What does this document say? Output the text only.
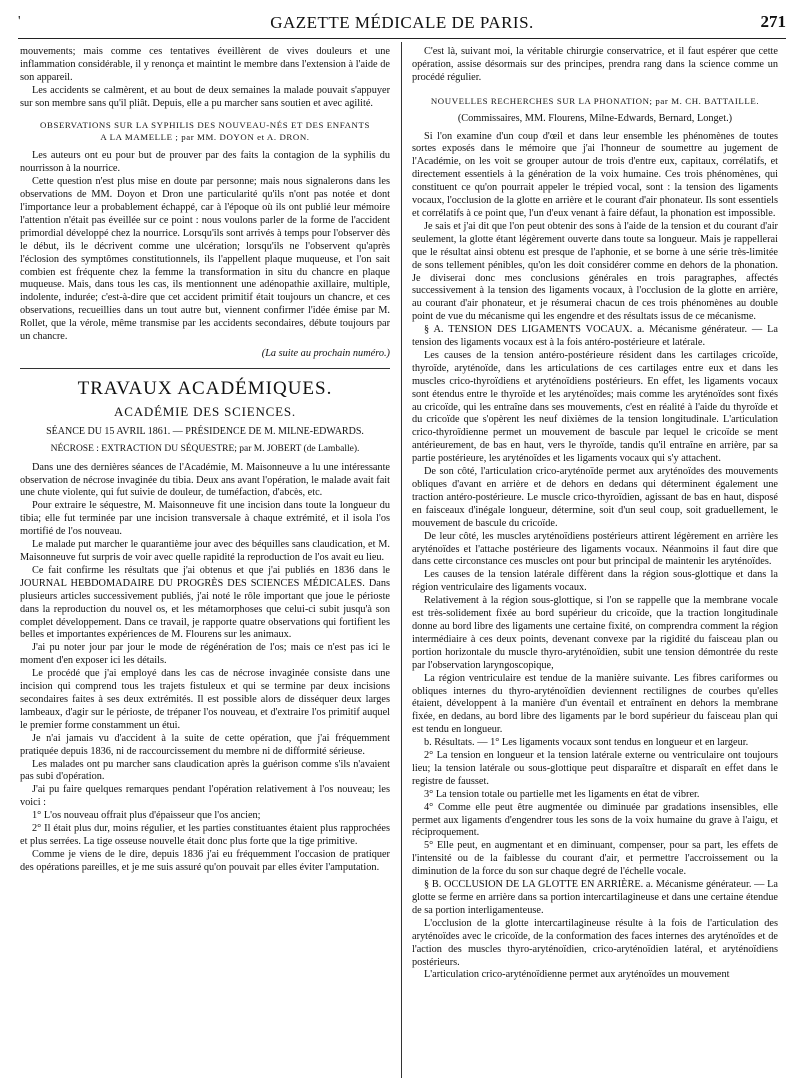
'	GAZETTE MÉDICALE DE PARIS.	271

mouvements; mais comme ces tentatives éveillèrent de vives douleurs et une inflammation considérable, il y renonça et maintint le membre dans l'extension à l'aide de son appareil.

Les accidents se calmèrent, et au bout de deux semaines la malade pouvait s'appuyer sur son membre sans qu'il pliât. Depuis, elle a pu marcher sans soutien et avec agilité.

OBSERVATIONS SUR LA SYPHILIS DES NOUVEAU-NÉS ET DES ENFANTS

A LA MAMELLE ; par MM. DOYON et A. DRON.

Les auteurs ont eu pour but de prouver par des faits la contagion de la syphilis du nourrisson à la nourrice.

Cette question n'est plus mise en doute par personne; mais nous signalerons dans les observations de MM. Doyon et Dron une particularité qu'ils n'ont pas notée et dont l'importance leur a probablement échappé, car à l'époque où ils ont publié leur mémoire l'attention n'était pas éveillée sur ce point : nous voulons parler de la forme de l'accident primordial développé chez la nourrice. Lorsqu'ils sont arrivés à temps pour l'observer dès le début, ils le décrivent comme une ulcération; lorsqu'ils ne l'observent qu'après l'éclosion des symptômes constitutionnels, ils l'appellent plaque muqueuse, et l'on sait combien est fréquente chez la femme la transformation in situ du chancre en plaque muqueuse. Mais, dans tous les cas, ils mentionnent une adénopathie axillaire, multiple, indolente, indurée; c'est-à-dire que cet accident primitif était toujours un chancre, et ces observations, recueillies dans un tout autre but, viennent confirmer l'idée émise par M. Rollet, que la vérole, même transmise par les accidents secondaires, débute toujours par un chancre.

(La suite au prochain numéro.)

TRAVAUX ACADÉMIQUES.

ACADÉMIE DES SCIENCES.

SÉANCE DU 15 AVRIL 1861. — PRÉSIDENCE DE M. MILNE-EDWARDS.

NÉCROSE : EXTRACTION DU SÉQUESTRE; par M. JOBERT (de Lamballe).

Dans une des dernières séances de l'Académie, M. Maisonneuve a lu une intéressante observation de nécrose invaginée du tibia. Deux ans avant l'opération, le malade avait fait une chute violente, qui fut suivie de douleur, de tuméfaction, d'abcès, etc.

Pour extraire le séquestre, M. Maisonneuve fit une incision dans toute la longueur du tibia; elle fut terminée par une incision transversale à chaque extrémité, et il isola l'os mortifié de l'os nouveau.

Le malade put marcher le quarantième jour avec des béquilles sans claudication, et M. Maisonneuve fut surpris de voir avec quelle rapidité la reproduction de l'os avait eu lieu.

Ce fait confirme les résultats que j'ai obtenus et que j'ai publiés en 1836 dans le JOURNAL HEBDOMADAIRE DU PROGRÈS DES SCIENCES MÉDICALES. Dans plusieurs articles successivement publiés, j'ai noté le rôle important que joue le périoste dans la reproduction du nouvel os, et les métamorphoses que celui-ci subit jusqu'à son complet développement. Dans ce travail, je rapporte quatre observations qui fortifient les belles et importantes expériences de M. Flourens sur les animaux.

J'ai pu noter jour par jour le mode de régénération de l'os; mais ce n'est pas ici le moment d'en exposer ici les détails.

Le procédé que j'ai employé dans les cas de nécrose invaginée consiste dans une incision qui comprend tous les trajets fistuleux et qui se termine par deux incisions secondaires faites à ses deux extrémités. Il est possible alors de disséquer deux larges lambeaux, d'agir sur le périoste, de trépaner l'os nouveau, et d'extraire l'os primitif auquel le premier forme constamment un étui.

Je n'ai jamais vu d'accident à la suite de cette opération, que j'ai fréquemment pratiquée depuis 1836, ni de raccourcissement du membre ni de difformité sérieuse.

Les malades ont pu marcher sans claudication après la guérison comme s'ils n'avaient pas subi d'opération.

J'ai pu faire quelques remarques pendant l'opération relativement à l'os nouveau; les voici :

1° L'os nouveau offrait plus d'épaisseur que l'os ancien;

2° Il était plus dur, moins régulier, et les parties constituantes étaient plus rapprochées et plus serrées. La tige osseuse nouvelle était donc plus forte que la tige primitive.

Comme je viens de le dire, depuis 1836 j'ai eu fréquemment l'occasion de pratiquer des opérations pareilles, et je me suis assuré qu'on pouvait par elles éviter l'amputation.

C'est là, suivant moi, la véritable chirurgie conservatrice, et il faut espérer que cette opération, assise désormais sur des principes, prendra rang dans la science comme un procédé régulier.

NOUVELLES RECHERCHES SUR LA PHONATION; par M. CH. BATTAILLE.

(Commissaires, MM. Flourens, Milne-Edwards, Bernard, Longet.)

Si l'on examine d'un coup d'œil et dans leur ensemble les phénomènes de toutes sortes exposés dans le mémoire que j'ai l'honneur de soumettre au jugement de l'Académie, on les voit se grouper autour de trois d'entre eux, capitaux, corrélatifs, et directement essentiels à la génération de la voix humaine. Ces trois phénomènes, qui constituent ce qu'on pourrait appeler le trépied vocal, sont : la tension des ligaments vocaux, l'occlusion de la glotte en arrière et le courant d'air phonateur. Ils sont essentiels et corrélatifs à ce point que, l'un d'eux venant à faire défaut, la phonation est impossible.

Je sais et j'ai dit que l'on peut obtenir des sons à l'aide de la tension et du courant d'air seulement, la glotte étant légèrement ouverte dans toute sa longueur. Mais je rappellerai que le résultat ainsi obtenu est presque de l'aphonie, et se borne à une série très-limitée de sons tellement pénibles, qu'on les doit considérer comme en dehors de la phonation. Je diviserai donc mes conclusions générales en trois paragraphes, affectés successivement à la tension des ligaments vocaux, à l'occlusion de la glotte en arrière, au courant d'air phonateur, et je résumerai chacun de ces trois phénomènes au double point de vue du mécanisme qui les engendre et des résultats issus de ce mécanisme.

§ A. TENSION DES LIGAMENTS VOCAUX. a. Mécanisme générateur. — La tension des ligaments vocaux est à la fois antéro-postérieure et latérale.

Les causes de la tension antéro-postérieure résident dans les cartilages cricoïde, thyroïde, aryténoïde, dans les articulations de ces cartilages entre eux et dans les muscles crico-thyroïdiens et aryténoïdiens postérieurs. En effet, les ligaments vocaux sont étendus entre le thyroïde et les aryténoïdes; mais comme les aryténoïdes sont fixés au cricoïde, qui les entraîne dans ses mouvements, c'est en réalité à l'aide du thyroïde et du cricoïde que s'opèrent les neuf dixièmes de la tension longitudinale. L'articulation crico-thyroïdienne permet un mouvement de bascule par lequel le cricoïde se ment antérieurement, de bas en haut, vers le thyroïde, tandis qu'il entraîne en arrière, par sa partie postérieure, les aryténoïdes et les ligaments vocaux qui s'y attachent.

De son côté, l'articulation crico-aryténoïde permet aux aryténoïdes des mouvements obliques d'avant en arrière et de dehors en dedans qui déterminent également une traction antéro-postérieure. Le muscle crico-thyroïdien, agissant de bas en haut, disposé en faisceaux d'inégale longueur, détermine, soit d'un seul coup, soit graduellement, le mouvement de bascule du cricoïde.

De leur côté, les muscles aryténoïdiens postérieurs attirent légèrement en arrière les aryténoïdes et l'attache postérieure des ligaments vocaux. Néanmoins il faut dire que dans cette circonstance ces muscles ont pour but principal de maintenir les aryténoïdes.

Les causes de la tension latérale diffèrent dans la région sous-glottique et dans la région ventriculaire des ligaments vocaux.

Relativement à la région sous-glottique, si l'on se rappelle que la membrane vocale est très-solidement fixée au bord supérieur du cricoïde, que la traction longitudinale donne au bord libre des ligaments une certaine fixité, on comprendra comment la région intermédiaire à ces deux points, devenant convexe par la rigidité du faisceau plan ou portion horizontale du muscle thyro-aryténoïdien, subit une tension démontrée du reste par l'observation laryngoscopique,

La région ventriculaire est tendue de la manière suivante. Les fibres cariformes ou obliques internes du thyro-aryténoïdien deviennent rectilignes de courbes qu'elles étaient, développent à la manière d'un éventail et entraînent en dehors la membrane fixée, en dedans, au bord libre des ligaments par le bord supérieur du faisceau plan qui est tendu en longueur.

b. Résultats. — 1° Les ligaments vocaux sont tendus en longueur et en largeur.

2° La tension en longueur et la tension latérale externe ou ventriculaire ont toujours lieu; la tension latérale ou sous-glottique peut disparaître et disparaît en effet dans le registre de fausset.

3° La tension totale ou partielle met les ligaments en état de vibrer.

4° Comme elle peut être augmentée ou diminuée par gradations insensibles, elle permet aux ligaments d'engendrer tous les sons de la voix humaine du grave à l'aigu, et réciproquement.

5° Elle peut, en augmentant et en diminuant, compenser, pour sa part, les effets de l'intensité ou de la faiblesse du courant d'air, et permettre l'accroissement ou la diminution de la force du son sur chaque degré de l'échelle vocale.

§ B. OCCLUSION DE LA GLOTTE EN ARRIÈRE. a. Mécanisme générateur. — La glotte se ferme en arrière dans sa portion intercartilagineuse et dans une certaine étendue de sa portion interligamenteuse.

L'occlusion de la glotte intercartilagineuse résulte à la fois de l'articulation des aryténoïdes avec le cricoïde, de la conformation des faces internes des aryténoïdes et de l'action des muscles thyro-aryténoïdien, crico-aryténoïdien latéral, et aryténoïdiens postérieurs.

L'articulation crico-aryténoïdienne permet aux aryténoïdes un mouvement
